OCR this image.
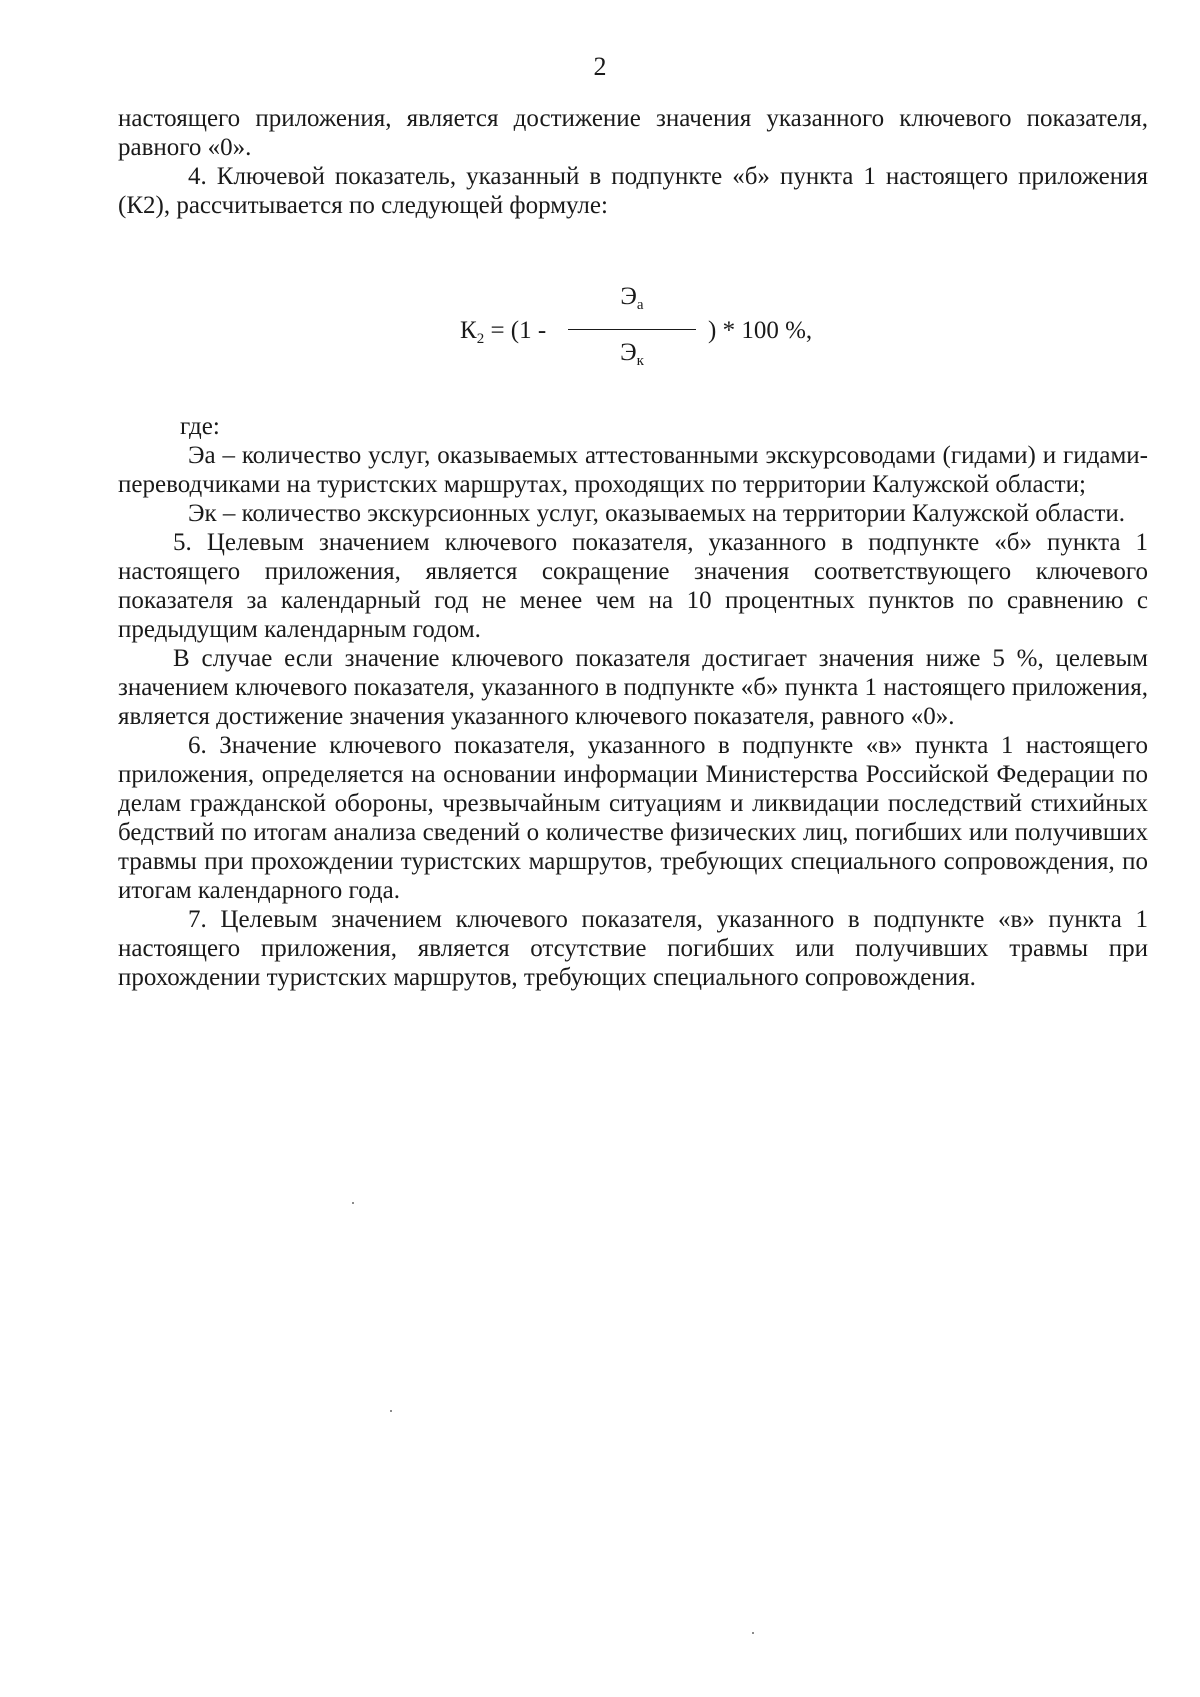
2

настоящего приложения, является достижение значения указанного ключевого показателя, равного «0».

4. Ключевой показатель, указанный в подпункте «б» пункта 1 настоящего приложения (К2), рассчитывается по следующей формуле:

$К_2 = (1$ -
$Э_а$
$Э_к$
) * 100 %,

где:

Эа – количество услуг, оказываемых аттестованными экскурсоводами (гидами) и гидами-переводчиками на туристских маршрутах, проходящих по территории Калужской области;

Эк – количество экскурсионных услуг, оказываемых на территории Калужской области.

5. Целевым значением ключевого показателя, указанного в подпункте «б» пункта 1 настоящего приложения, является сокращение значения соответствующего ключевого показателя за календарный год не менее чем на 10 процентных пунктов по сравнению с предыдущим календарным годом.

В случае если значение ключевого показателя достигает значения ниже 5 %, целевым значением ключевого показателя, указанного в подпункте «б» пункта 1 настоящего приложения, является достижение значения указанного ключевого показателя, равного «0».

6. Значение ключевого показателя, указанного в подпункте «в» пункта 1 настоящего приложения, определяется на основании информации Министерства Российской Федерации по делам гражданской обороны, чрезвычайным ситуациям и ликвидации последствий стихийных бедствий по итогам анализа сведений о количестве физических лиц, погибших или получивших травмы при прохождении туристских маршрутов, требующих специального сопровождения, по итогам календарного года.

7. Целевым значением ключевого показателя, указанного в подпункте «в» пункта 1 настоящего приложения, является отсутствие погибших или получивших травмы при прохождении туристских маршрутов, требующих специального сопровождения.
